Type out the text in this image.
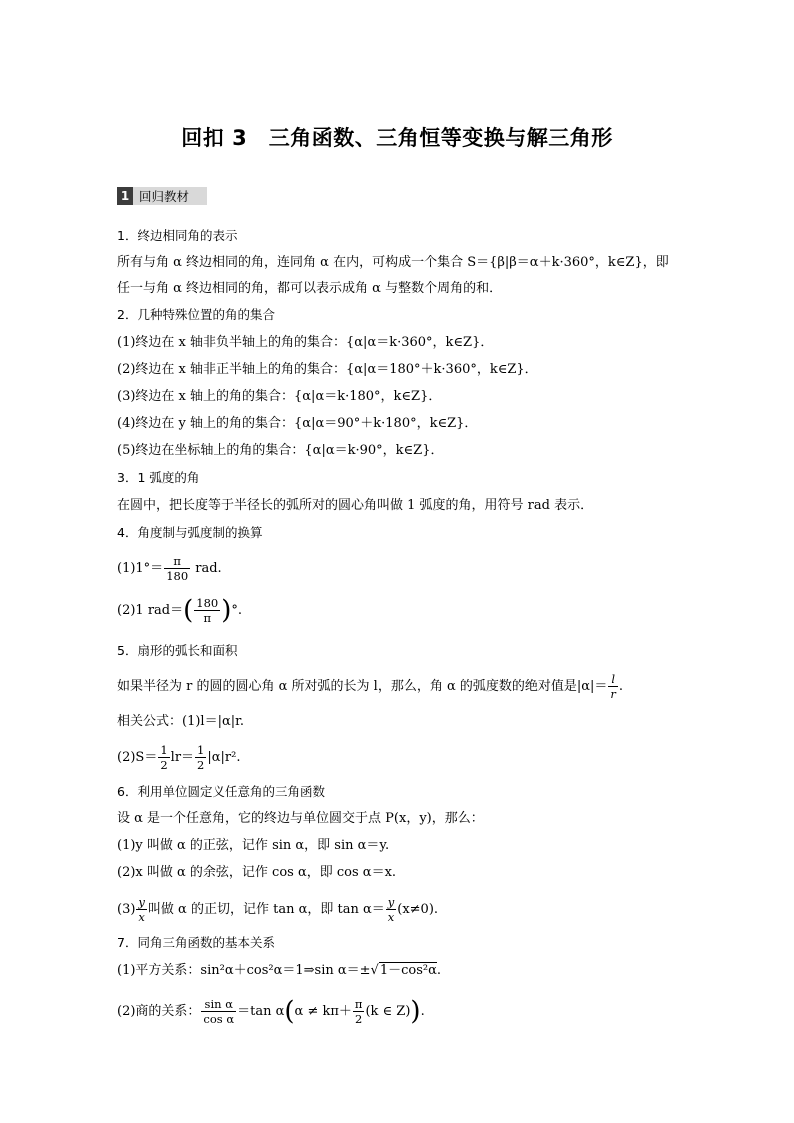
回扣 3　三角函数、三角恒等变换与解三角形
1 回归教材
1．终边相同角的表示
所有与角 α 终边相同的角，连同角 α 在内，可构成一个集合 S＝{β|β＝α＋k·360°，k∈Z}，即
任一与角 α 终边相同的角，都可以表示成角 α 与整数个周角的和．
2．几种特殊位置的角的集合
(1)终边在 x 轴非负半轴上的角的集合：{α|α＝k·360°，k∈Z}．
(2)终边在 x 轴非正半轴上的角的集合：{α|α＝180°＋k·360°，k∈Z}．
(3)终边在 x 轴上的角的集合：{α|α＝k·180°，k∈Z}．
(4)终边在 y 轴上的角的集合：{α|α＝90°＋k·180°，k∈Z}．
(5)终边在坐标轴上的角的集合：{α|α＝k·90°，k∈Z}．
3．1 弧度的角
在圆中，把长度等于半径长的弧所对的圆心角叫做 1 弧度的角，用符号 rad 表示．
4．角度制与弧度制的换算
$(1)1^\circ= \frac{\pi}{180}$ rad.
(2)1 $rad=( \frac{180}{\pi}$ )°.
5．扇形的弧长和面积
如果半径为 r 的圆的圆心角 α 所对弧的长为 l，那么，角 α 的弧度数的绝对值是$|\alpha|= \frac{l}{r}$ .
相关公式：(1)l＝|α|r.
$(2)S= \frac{1}{2} lr= \frac{1}{2} |\alpha|r^2$.
6．利用单位圆定义任意角的三角函数
设 α 是一个任意角，它的终边与单位圆交于点 P(x，y)，那么：
(1)y 叫做 α 的正弦，记作 sin α，即 sin α＝y.
(2)x 叫做 α 的余弦，记作 cos α，即 cos α＝x.
$(3) \frac{y}{x}$ 叫做 α 的正切，记作 tan α，即 $\tan \alpha= \frac{y}{x} (x\ne 0)$.
7．同角三角函数的基本关系
(1)平方关系：sin²α＋cos²α＝1⇒sin α＝±√1－cos²α.
(2)商的关系： $\frac{\text{sin α}}{\text{cos α}} =\tan$ $\alpha(\alpha \ne k\pi+ \frac{\pi}{2} (k$ ∈ Z)).
